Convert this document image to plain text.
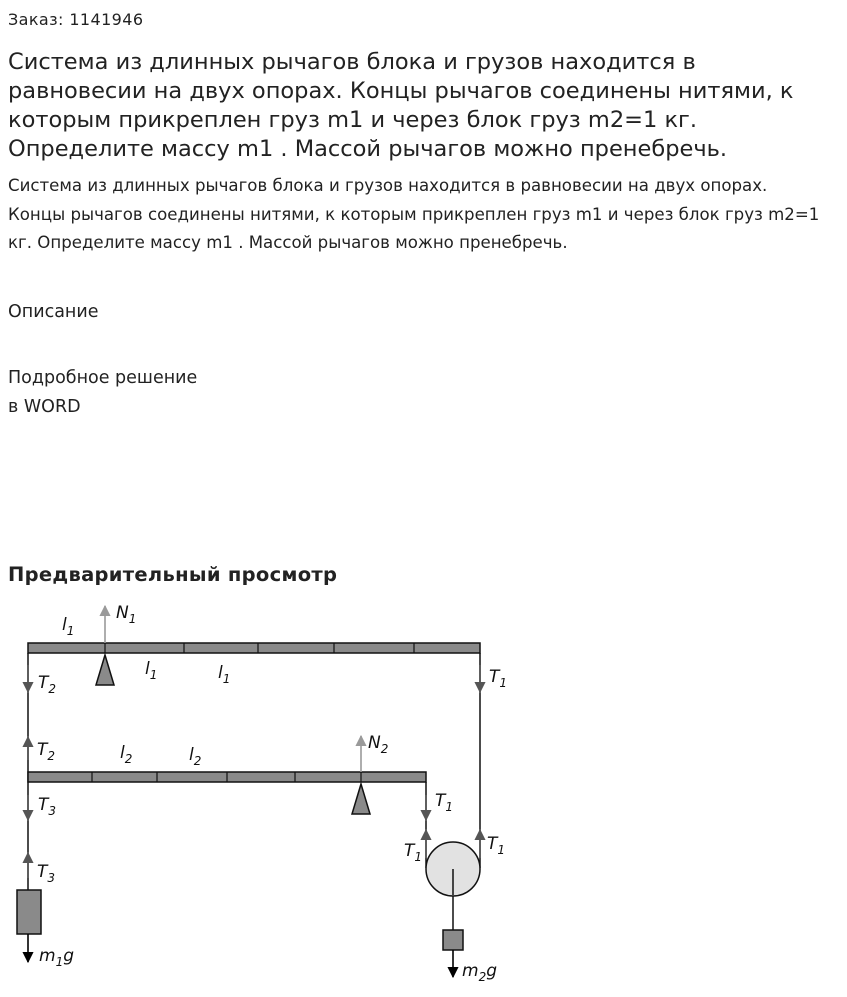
Заказ: 1141946
Система из длинных рычагов блока и грузов находится в равновесии на двух опорах. Концы рычагов соединены нитями, к которым прикреплен груз m1 и через блок груз m2=1 кг. Определите массу m1 . Массой рычагов можно пренебречь.

Система из длинных рычагов блока и грузов находится в равновесии на двух опорах. Концы рычагов соединены нитями, к которым прикреплен груз m1 и через блок груз m2=1 кг. Определите массу m1 . Массой рычагов можно пренебречь.

Описание
Подробное решение
в WORD
Предварительный просмотр
$l_1$
$l_1$	$l_1$
$N_1$
$T_2$
$T_1$
$T_2$	$l_2$	$l_2$
$N_2$
$T_3$	$T_1$
$T_1$
$T_1$
$T_3$
$m_1g$
$m_2g$
